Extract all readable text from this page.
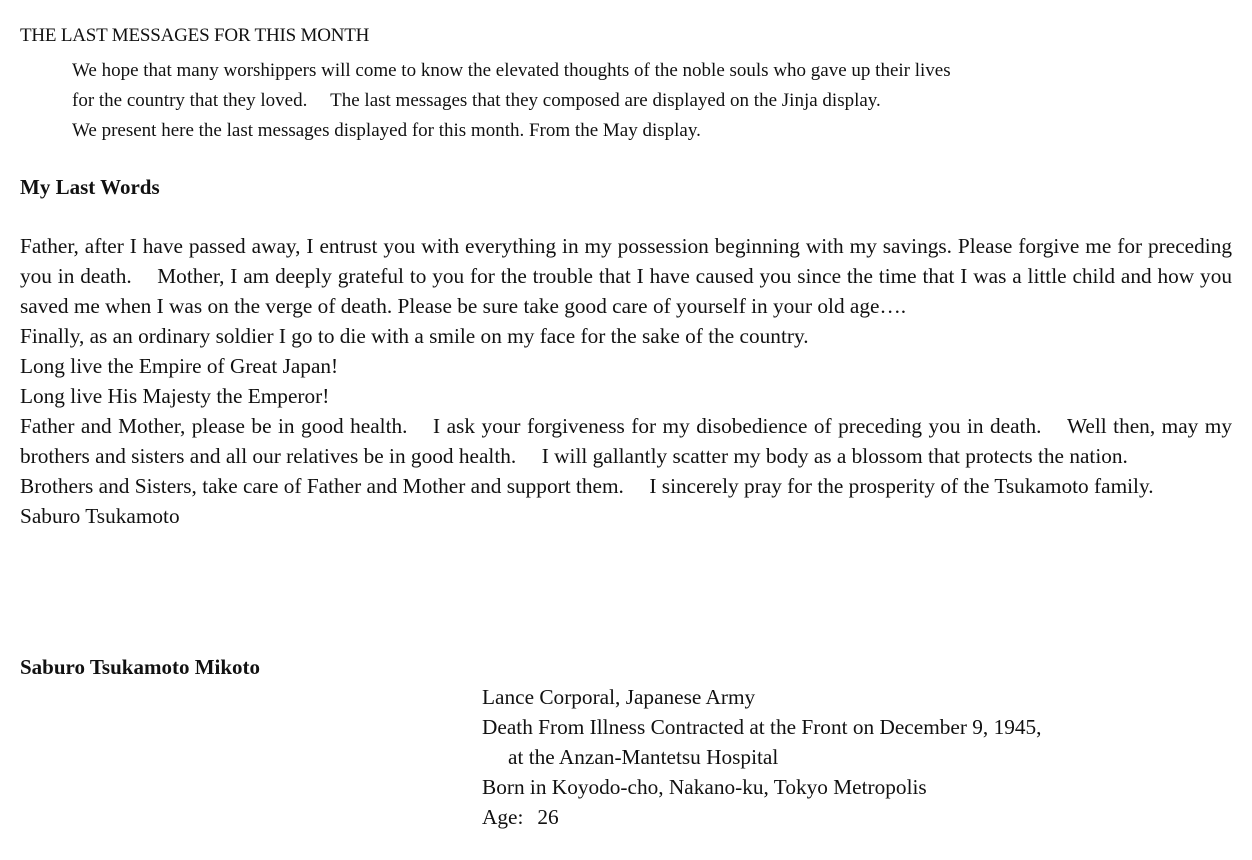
THE LAST MESSAGES FOR THIS MONTH
We hope that many worshippers will come to know the elevated thoughts of the noble souls who gave up their lives
for the country that they loved. The last messages that they composed are displayed on the Jinja display.
We present here the last messages displayed for this month. From the May display.
My Last Words

Father, after I have passed away, I entrust you with everything in my possession beginning with my savings. Please forgive me for preceding you in death. Mother, I am deeply grateful to you for the trouble that I have caused you since the time that I was a little child and how you saved me when I was on the verge of death. Please be sure take good care of yourself in your old age….

Finally, as an ordinary soldier I go to die with a smile on my face for the sake of the country.

Long live the Empire of Great Japan!

Long live His Majesty the Emperor!

Father and Mother, please be in good health. I ask your forgiveness for my disobedience of preceding you in death. Well then, may my brothers and sisters and all our relatives be in good health. I will gallantly scatter my body as a blossom that protects the nation.

Brothers and Sisters, take care of Father and Mother and support them. I sincerely pray for the prosperity of the Tsukamoto family.

Saburo Tsukamoto

Saburo Tsukamoto Mikoto
Lance Corporal, Japanese Army
Death From Illness Contracted at the Front on December 9, 1945,
at the Anzan-Mantetsu Hospital
Born in Koyodo-cho, Nakano-ku, Tokyo Metropolis
Age: 26
